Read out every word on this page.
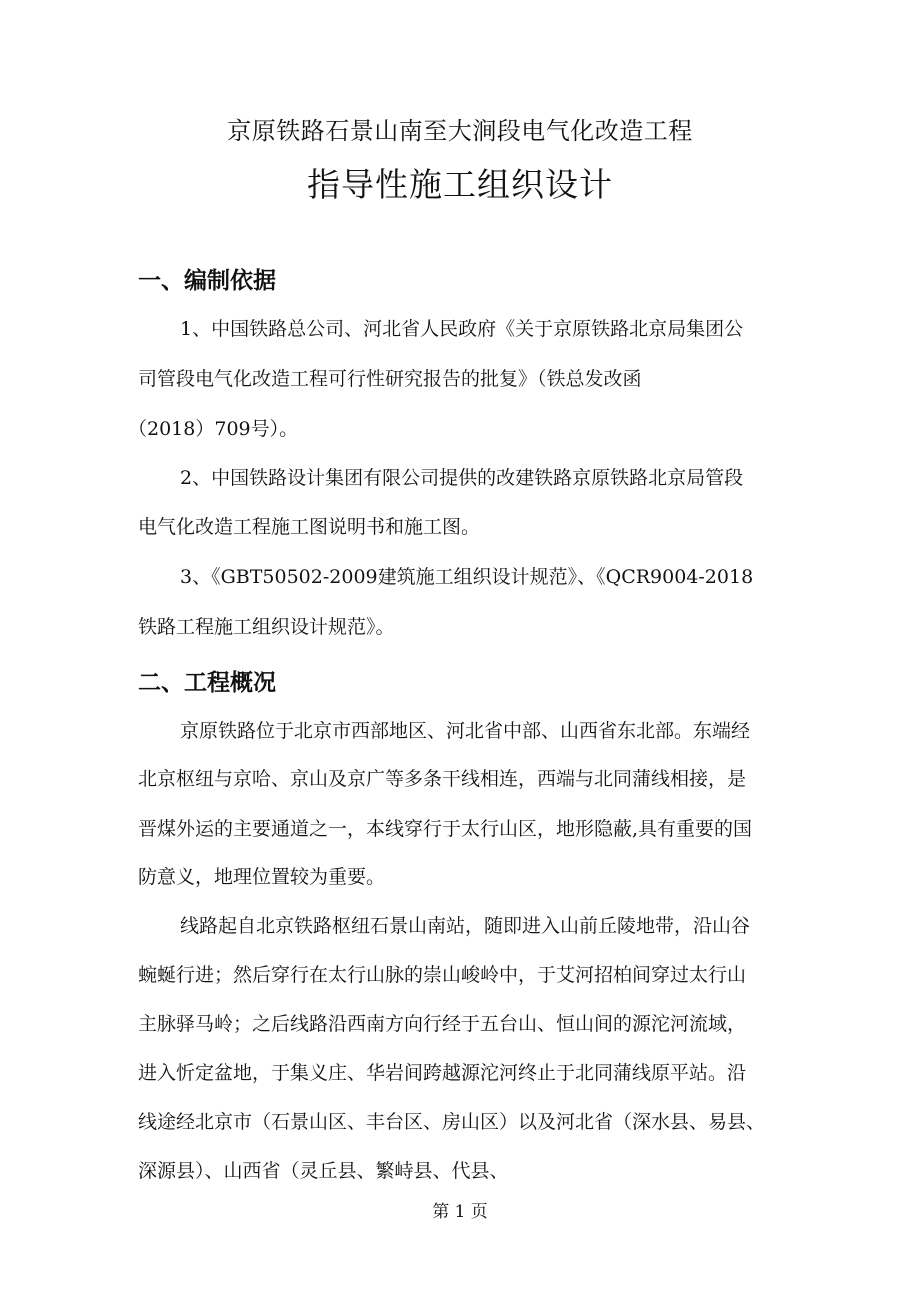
京原铁路石景山南至大涧段电气化改造工程
指导性施工组织设计
一、编制依据
1、中国铁路总公司、河北省人民政府《关于京原铁路北京局集团公
司管段电气化改造工程可行性研究报告的批复》（铁总发改函
（2018）709号）。
2、中国铁路设计集团有限公司提供的改建铁路京原铁路北京局管段
电气化改造工程施工图说明书和施工图。
3、《GBT50502-2009建筑施工组织设计规范》、《QCR9004-2018
铁路工程施工组织设计规范》。
二、工程概况
京原铁路位于北京市西部地区、河北省中部、山西省东北部。东端经
北京枢纽与京哈、京山及京广等多条干线相连，西端与北同蒲线相接，是
晋煤外运的主要通道之一，本线穿行于太行山区，地形隐蔽,具有重要的国
防意义，地理位置较为重要。
线路起自北京铁路枢纽石景山南站，随即进入山前丘陵地带，沿山谷
蜿蜒行进；然后穿行在太行山脉的崇山峻岭中，于艾河招柏间穿过太行山
主脉驿马岭；之后线路沿西南方向行经于五台山、恒山间的源沱河流域，
进入忻定盆地，于集义庄、华岩间跨越源沱河终止于北同蒲线原平站。沿
线途经北京市（石景山区、丰台区、房山区）以及河北省（深水县、易县、
深源县）、山西省（灵丘县、繁峙县、代县、
第 1 页
